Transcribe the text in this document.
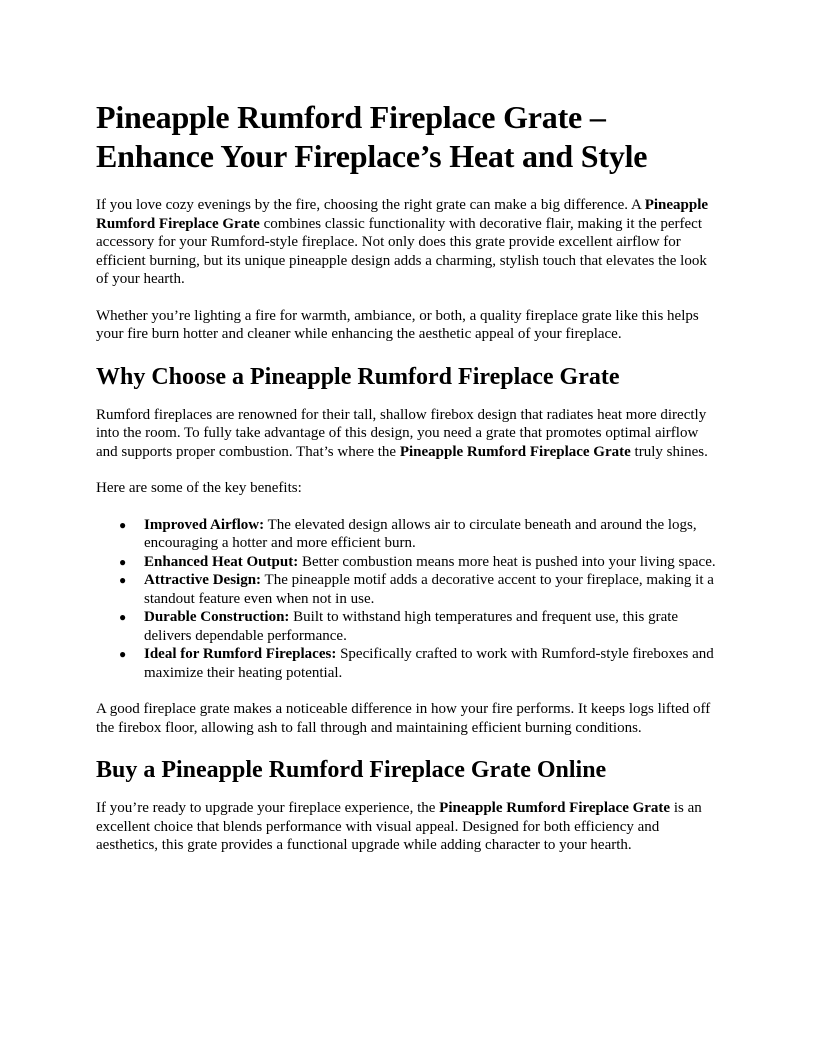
Pineapple Rumford Fireplace Grate – Enhance Your Fireplace’s Heat and Style

If you love cozy evenings by the fire, choosing the right grate can make a big difference. A Pineapple Rumford Fireplace Grate combines classic functionality with decorative flair, making it the perfect accessory for your Rumford-style fireplace. Not only does this grate provide excellent airflow for efficient burning, but its unique pineapple design adds a charming, stylish touch that elevates the look of your hearth.

Whether you’re lighting a fire for warmth, ambiance, or both, a quality fireplace grate like this helps your fire burn hotter and cleaner while enhancing the aesthetic appeal of your fireplace.

Why Choose a Pineapple Rumford Fireplace Grate

Rumford fireplaces are renowned for their tall, shallow firebox design that radiates heat more directly into the room. To fully take advantage of this design, you need a grate that promotes optimal airflow and supports proper combustion. That’s where the Pineapple Rumford Fireplace Grate truly shines.

Here are some of the key benefits:

● Improved Airflow: The elevated design allows air to circulate beneath and around the logs, encouraging a hotter and more efficient burn.
● Enhanced Heat Output: Better combustion means more heat is pushed into your living space.
● Attractive Design: The pineapple motif adds a decorative accent to your fireplace, making it a standout feature even when not in use.
● Durable Construction: Built to withstand high temperatures and frequent use, this grate delivers dependable performance.
● Ideal for Rumford Fireplaces: Specifically crafted to work with Rumford-style fireboxes and maximize their heating potential.

A good fireplace grate makes a noticeable difference in how your fire performs. It keeps logs lifted off the firebox floor, allowing ash to fall through and maintaining efficient burning conditions.

Buy a Pineapple Rumford Fireplace Grate Online

If you’re ready to upgrade your fireplace experience, the Pineapple Rumford Fireplace Grate is an excellent choice that blends performance with visual appeal. Designed for both efficiency and aesthetics, this grate provides a functional upgrade while adding character to your hearth.
